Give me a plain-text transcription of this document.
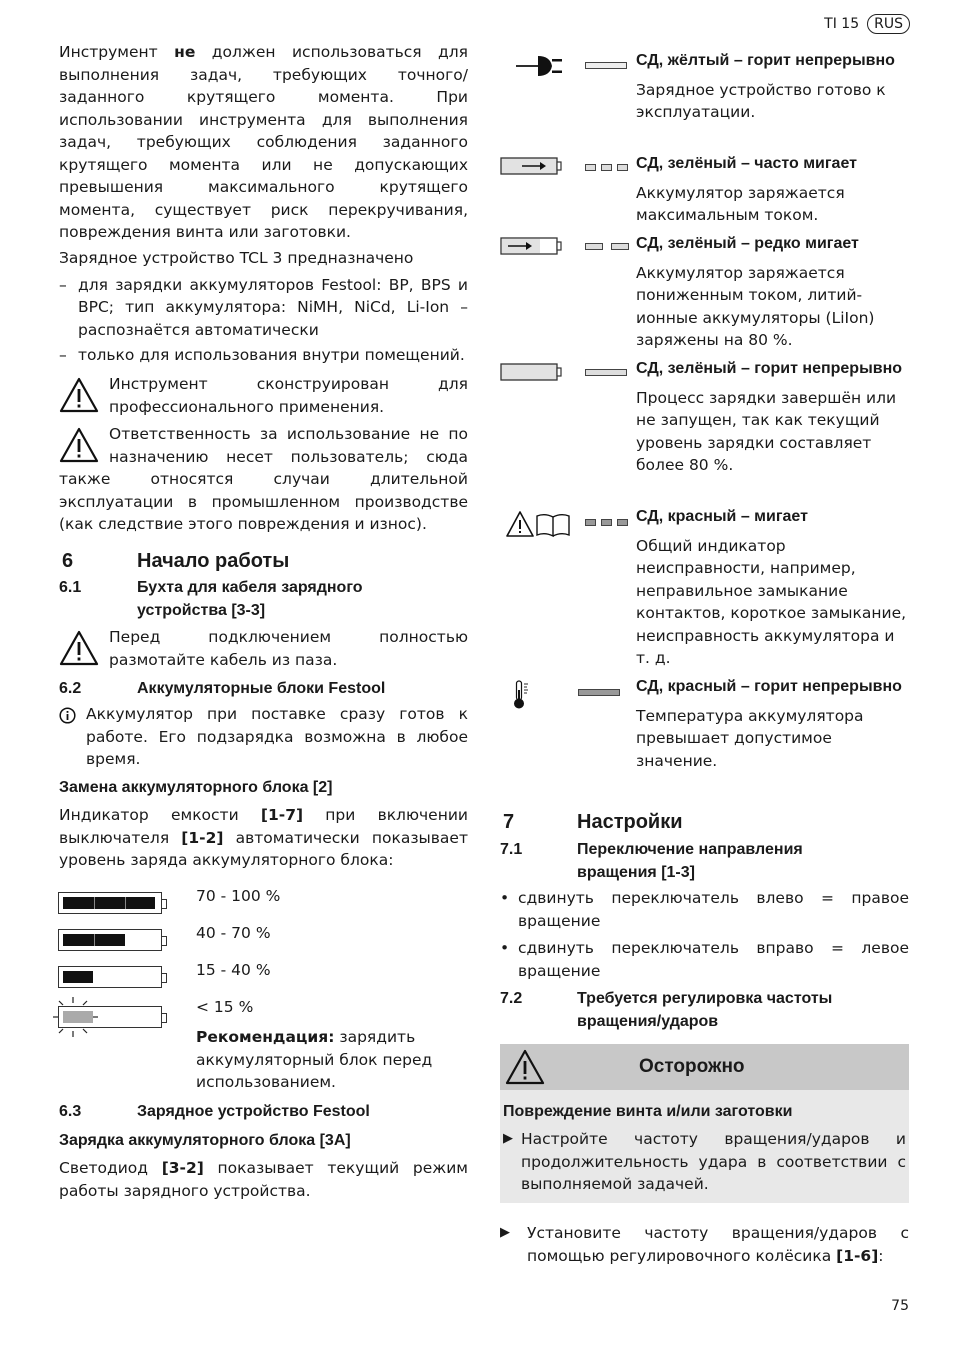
TI 15	RUS

Инструмент не должен использоваться для выполнения задач, требующих точного/заданного крутящего момента. При использовании инструмента для выполнения задач, требующих соблюдения заданного крутящего момента или не допускающих превышения максимального крутящего момента, существует риск перекручивания, повреждения винта или заготовки.

Зарядное устройство TCL 3 предназначено

– для зарядки аккумуляторов Festool: BP, BPS и BPC; тип аккумулятора: NiMH, NiCd, Li-Ion – распознаётся автоматически
– только для использования внутри помещений.

Инструмент сконструирован для профессионального применения.

Ответственность за использование не по назначению несет пользователь; сюда также относятся случаи длительной эксплуатации в промышленном производстве (как следствие этого повреждения и износ).

6	Начало работы
6.1	Бухта для кабеля зарядного устройства [3-3]

Перед подключением полностью размотайте кабель из паза.

6.2	Аккумуляторные блоки Festool

Аккумулятор при поставке сразу готов к работе. Его подзарядка возможна в любое время.

Замена аккумуляторного блока [2]

Индикатор емкости [1-7] при включении выключателя [1-2] автоматически показывает уровень заряда аккумуляторного блока:

70 - 100 %
40 - 70 %
15 - 40 %
< 15 %

Рекомендация: зарядить аккумуляторный блок перед использованием.

6.3	Зарядное устройство Festool
Зарядка аккумуляторного блока [3A]

Светодиод [3-2] показывает текущий режим работы зарядного устройства.

СД, жёлтый – горит непрерывно

Зарядное устройство готово к эксплуатации.

СД, зелёный – часто мигает

Аккумулятор заряжается максимальным током.

СД, зелёный – редко мигает

Аккумулятор заряжается пониженным током, литий-ионные аккумуляторы (LiIon) заряжены на 80 %.

СД, зелёный – горит непрерывно

Процесс зарядки завершён или не запущен, так как текущий уровень зарядки составляет более 80 %.

СД, красный – мигает

Общий индикатор неисправности, например, неправильное замыкание контактов, короткое замыкание, неисправность аккумулятора и т. д.

СД, красный – горит непрерывно

Температура аккумулятора превышает допустимое значение.

7	Настройки
7.1	Переключение направления вращения [1-3]
• сдвинуть переключатель влево = правое вращение
• сдвинуть переключатель вправо = левое вращение
7.2	Требуется регулировка частоты вращения/ударов
Осторожно
Повреждение винта и/или заготовки
▶ Настройте частоту вращения/ударов и продолжительность удара в соответствии с выполняемой задачей.
▶	Установите частоту вращения/ударов с помощью регулировочного колёсика [1-6]:
75
